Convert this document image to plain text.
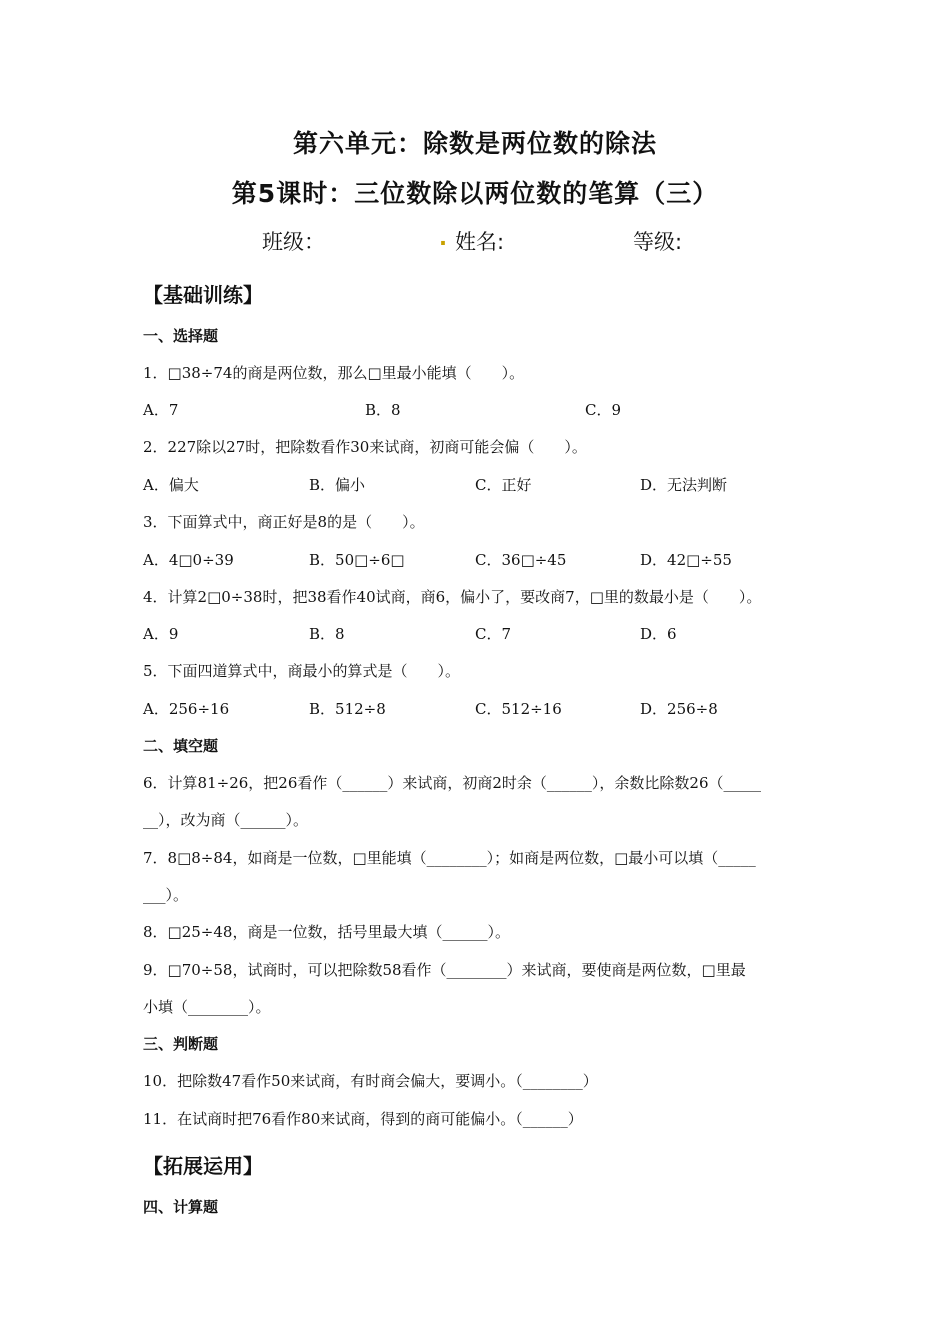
第六单元：除数是两位数的除法
第5课时：三位数除以两位数的笔算（三）
班级：	. 姓名:	等级:
【基础训练】
一、选择题
1．□38÷74的商是两位数，那么□里最小能填（　　）。
A．7	B．8	C．9
2．227除以27时，把除数看作30来试商，初商可能会偏（　　）。
A．偏大	B．偏小	C．正好	D．无法判断
3．下面算式中，商正好是8的是（　　）。
A．4□0÷39	B．50□÷6□	C．36□÷45	D．42□÷55
4．计算2□0÷38时，把38看作40试商，商6，偏小了，要改商7，□里的数最小是（　　）。
A．9	B．8	C．7	D．6
5．下面四道算式中，商最小的算式是（　　）。
A．256÷16	B．512÷8	C．512÷16	D．256÷8
二、填空题
6．计算81÷26，把26看作（______）来试商，初商2时余（______），余数比除数26（_____
__），改为商（______）。
7．8□8÷84，如商是一位数，□里能填（________）；如商是两位数，□最小可以填（_____
___）。
8．□25÷48，商是一位数，括号里最大填（______）。
9．□70÷58，试商时，可以把除数58看作（________）来试商，要使商是两位数，□里最
小填（________）。
三、判断题
10．把除数47看作50来试商，有时商会偏大，要调小。（________）
11．在试商时把76看作80来试商，得到的商可能偏小。（______）
【拓展运用】
四、计算题
